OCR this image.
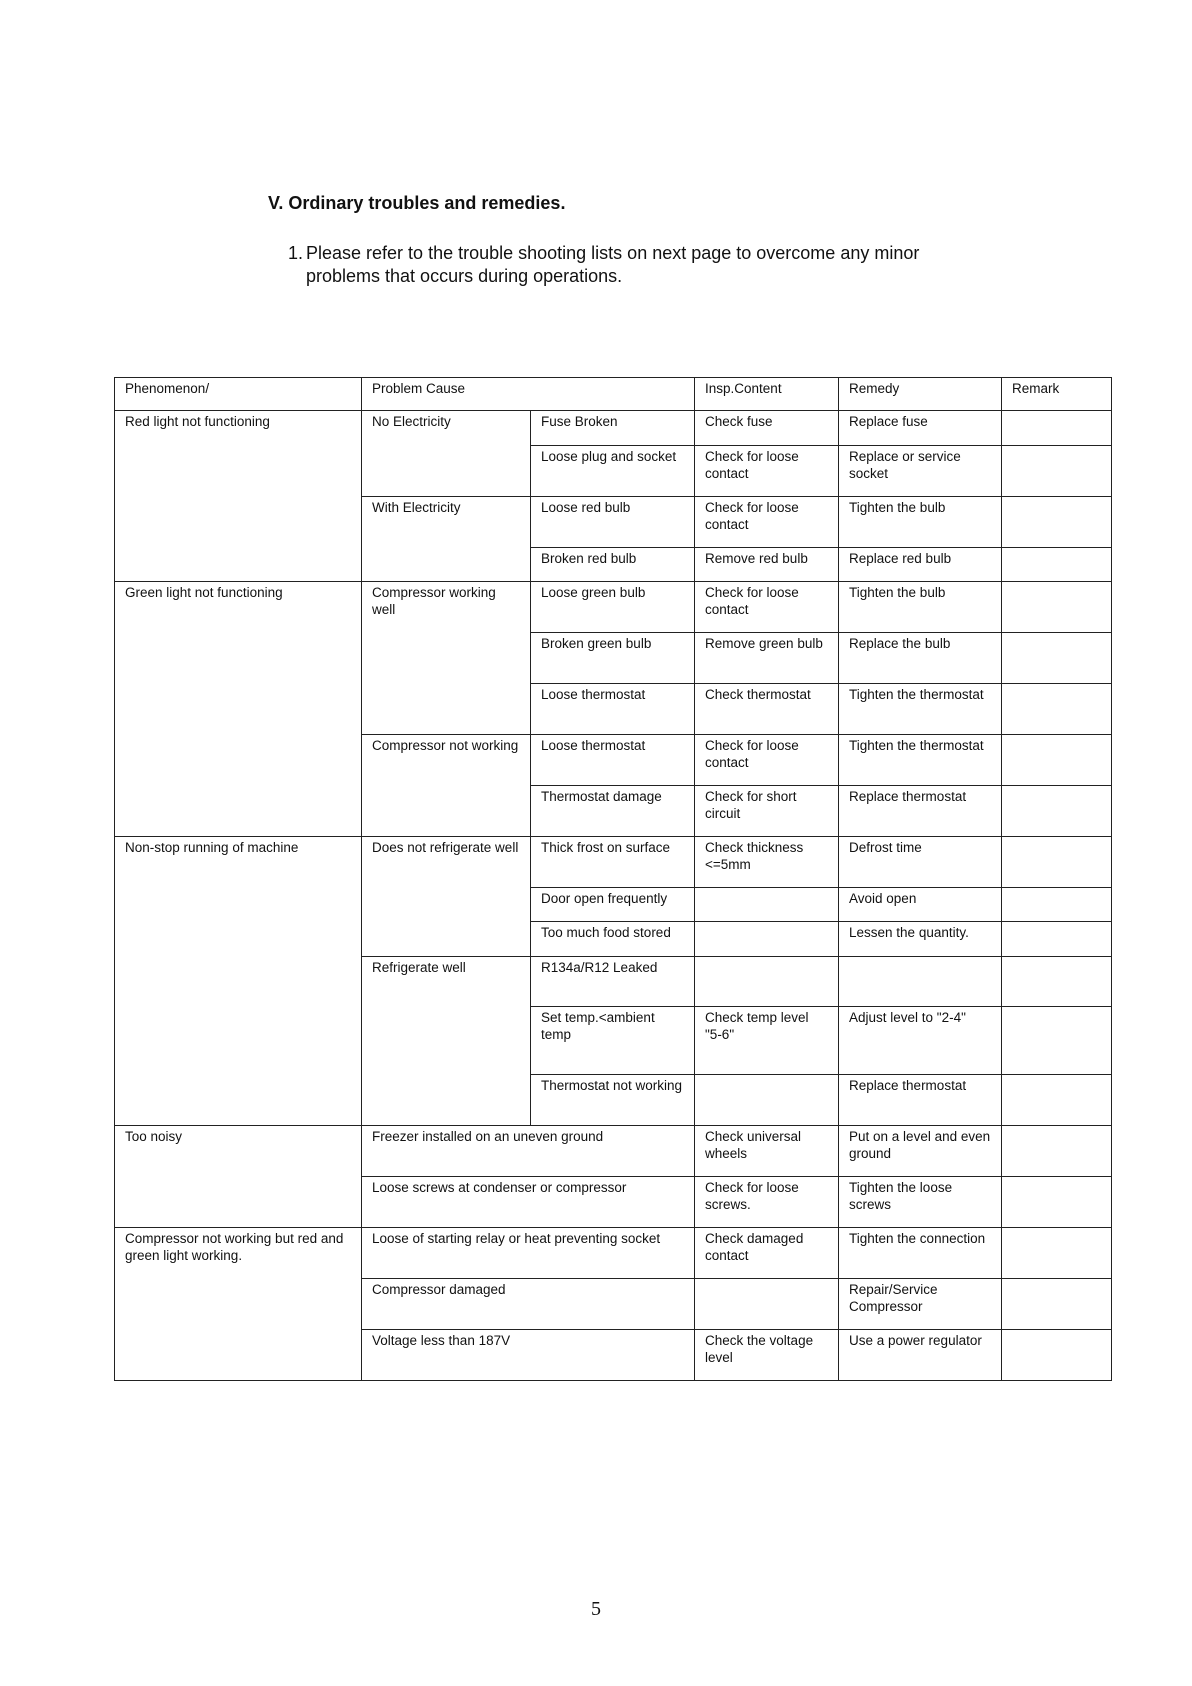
V. Ordinary troubles and remedies.

1. Please refer to the trouble shooting lists on next page to overcome any minor
problems that occurs during operations.

Phenomenon/	Problem Cause		Insp.Content	Remedy	Remark
Red light not functioning	No Electricity	Fuse Broken	Check fuse	Replace fuse	
		Loose plug and socket	Check for loose contact	Replace or service socket	
	With Electricity	Loose red bulb	Check for loose contact	Tighten the bulb	
		Broken red bulb	Remove red bulb	Replace red bulb	
Green light not functioning	Compressor working well	Loose green bulb	Check for loose contact	Tighten the bulb	
		Broken green bulb	Remove green bulb	Replace the bulb	
		Loose thermostat	Check thermostat	Tighten the thermostat	
	Compressor not working	Loose thermostat	Check for loose contact	Tighten the thermostat	
		Thermostat damage	Check for short circuit	Replace thermostat	
Non-stop running of machine	Does not refrigerate well	Thick frost on surface	Check thickness <=5mm	Defrost time	
		Door open frequently		Avoid open	
		Too much food stored		Lessen the quantity.	
	Refrigerate well	R134a/R12 Leaked			
		Set temp.<ambient temp	Check temp level "5-6"	Adjust level to "2-4"	
		Thermostat not working		Replace thermostat	
Too noisy	Freezer installed on an uneven ground		Check universal wheels	Put on a level and even ground	
	Loose screws at condenser or compressor		Check for loose screws.	Tighten the loose screws	
Compressor not working but red and green light working.	Loose of starting relay or heat preventing socket		Check damaged contact	Tighten the connection	
	Compressor damaged			Repair/Service Compressor	
	Voltage less than 187V		Check the voltage level	Use a power regulator	
5
